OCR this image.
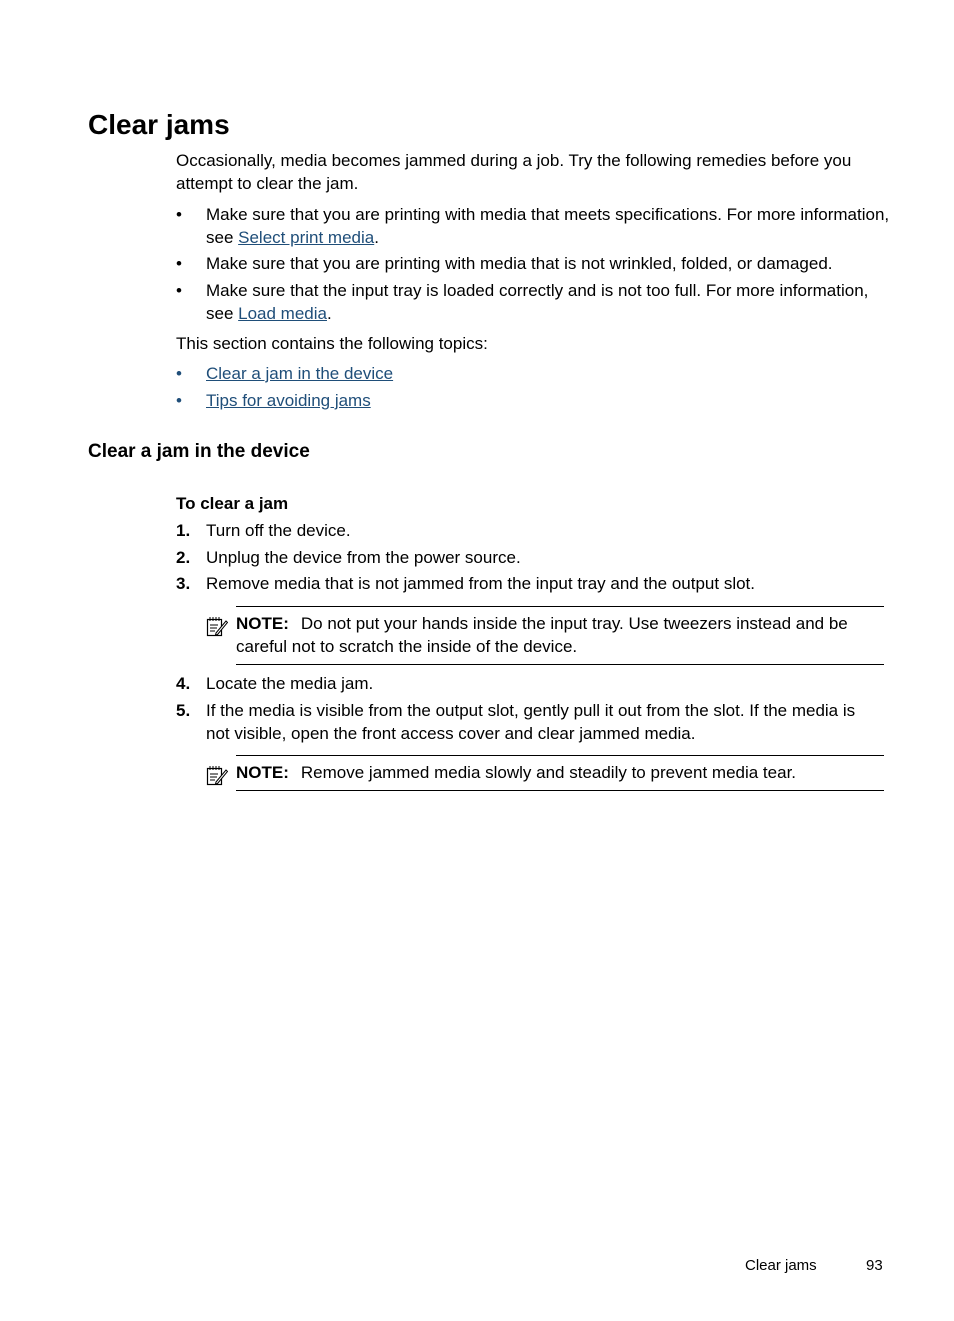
Clear jams
Occasionally, media becomes jammed during a job. Try the following remedies before you attempt to clear the jam.
• Make sure that you are printing with media that meets specifications. For more information, see Select print media.
• Make sure that you are printing with media that is not wrinkled, folded, or damaged.
• Make sure that the input tray is loaded correctly and is not too full. For more information, see Load media.
This section contains the following topics:
• Clear a jam in the device
• Tips for avoiding jams
Clear a jam in the device
To clear a jam
1. Turn off the device.
2. Unplug the device from the power source.
3. Remove media that is not jammed from the input tray and the output slot.
NOTE: Do not put your hands inside the input tray. Use tweezers instead and be careful not to scratch the inside of the device.
4. Locate the media jam.
5. If the media is visible from the output slot, gently pull it out from the slot. If the media is not visible, open the front access cover and clear jammed media.
NOTE: Remove jammed media slowly and steadily to prevent media tear.
Clear jams	93
